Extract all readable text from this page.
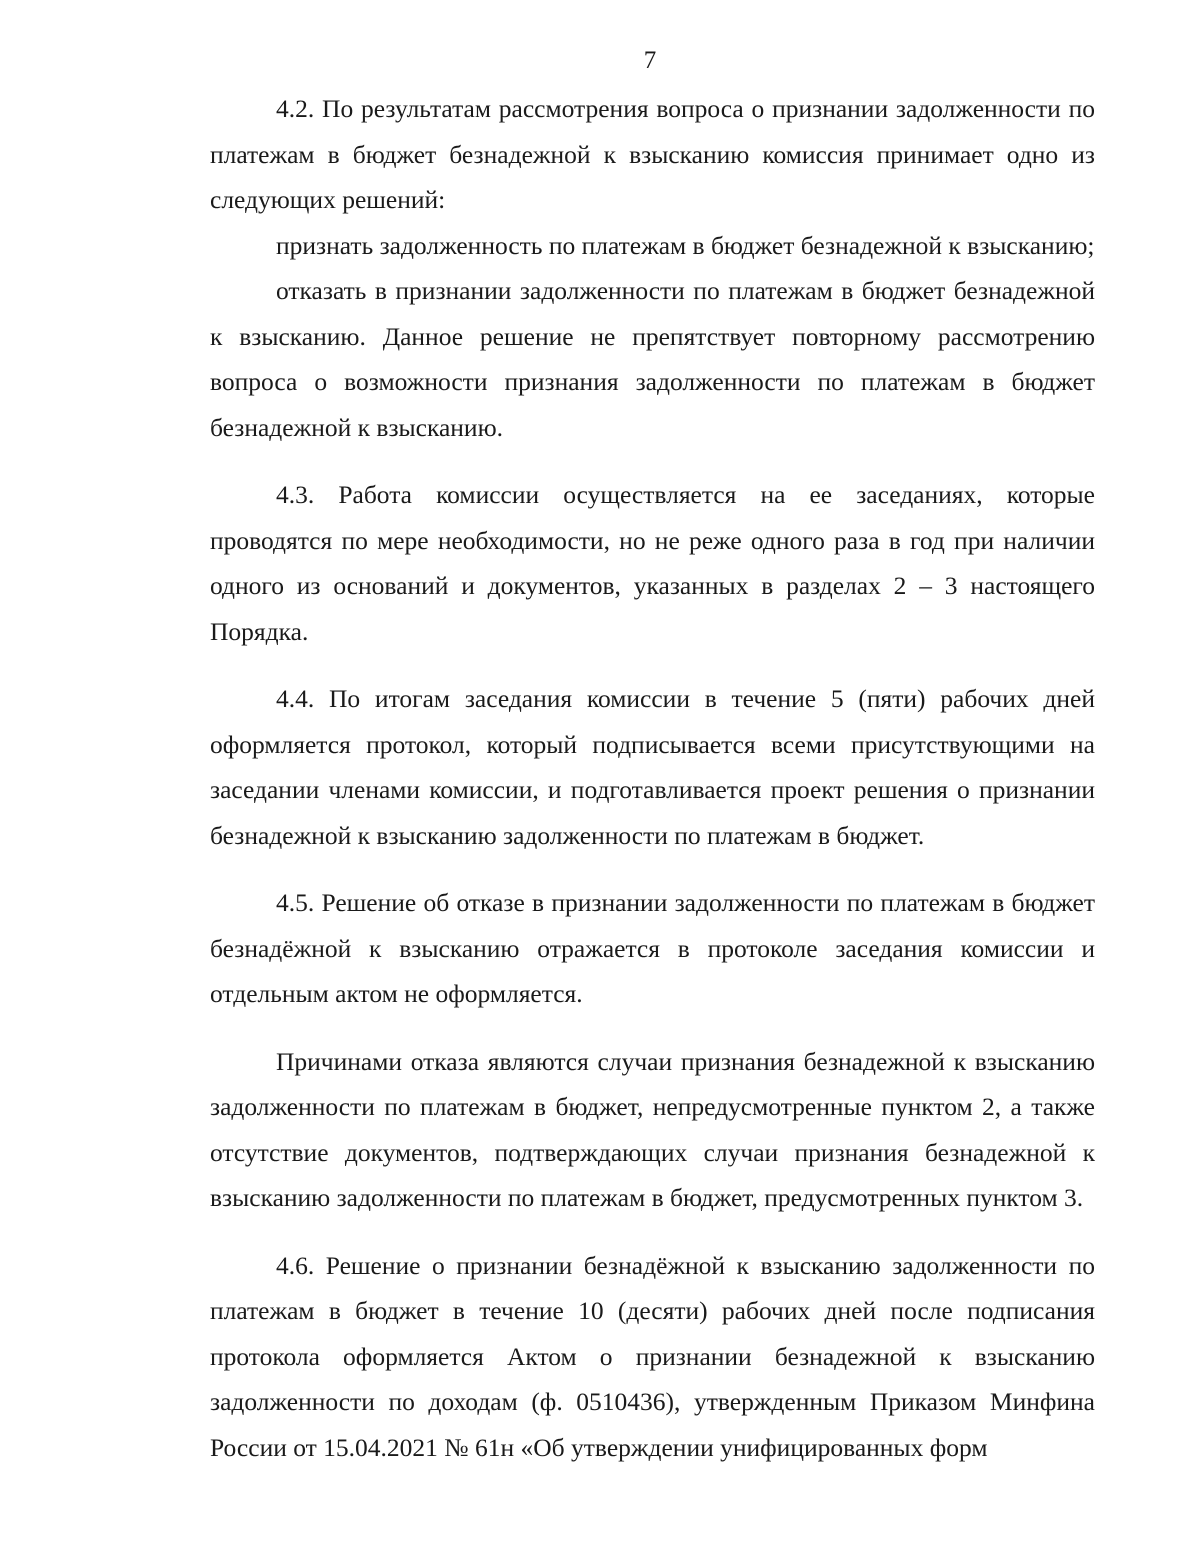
7

4.2. По результатам рассмотрения вопроса о признании задолженности по платежам в бюджет безнадежной к взысканию комиссия принимает одно из следующих решений:

признать задолженность по платежам в бюджет безнадежной к взысканию;

отказать в признании задолженности по платежам в бюджет безнадежной к взысканию. Данное решение не препятствует повторному рассмотрению вопроса о возможности признания задолженности по платежам в бюджет безнадежной к взысканию.

4.3. Работа комиссии осуществляется на ее заседаниях, которые проводятся по мере необходимости, но не реже одного раза в год при наличии одного из оснований и документов, указанных в разделах 2 – 3 настоящего Порядка.

4.4. По итогам заседания комиссии в течение 5 (пяти) рабочих дней оформляется протокол, который подписывается всеми присутствующими на заседании членами комиссии, и подготавливается проект решения о признании безнадежной к взысканию задолженности по платежам в бюджет.

4.5. Решение об отказе в признании задолженности по платежам в бюджет безнадёжной к взысканию отражается в протоколе заседания комиссии и отдельным актом не оформляется.

Причинами отказа являются случаи признания безнадежной к взысканию задолженности по платежам в бюджет, непредусмотренные пунктом 2, а также отсутствие документов, подтверждающих случаи признания безнадежной к взысканию задолженности по платежам в бюджет, предусмотренных пунктом 3.

4.6. Решение о признании безнадёжной к взысканию задолженности по платежам в бюджет в течение 10 (десяти) рабочих дней после подписания протокола оформляется Актом о признании безнадежной к взысканию задолженности по доходам (ф. 0510436), утвержденным Приказом Минфина России от 15.04.2021 № 61н «Об утверждении унифицированных форм
